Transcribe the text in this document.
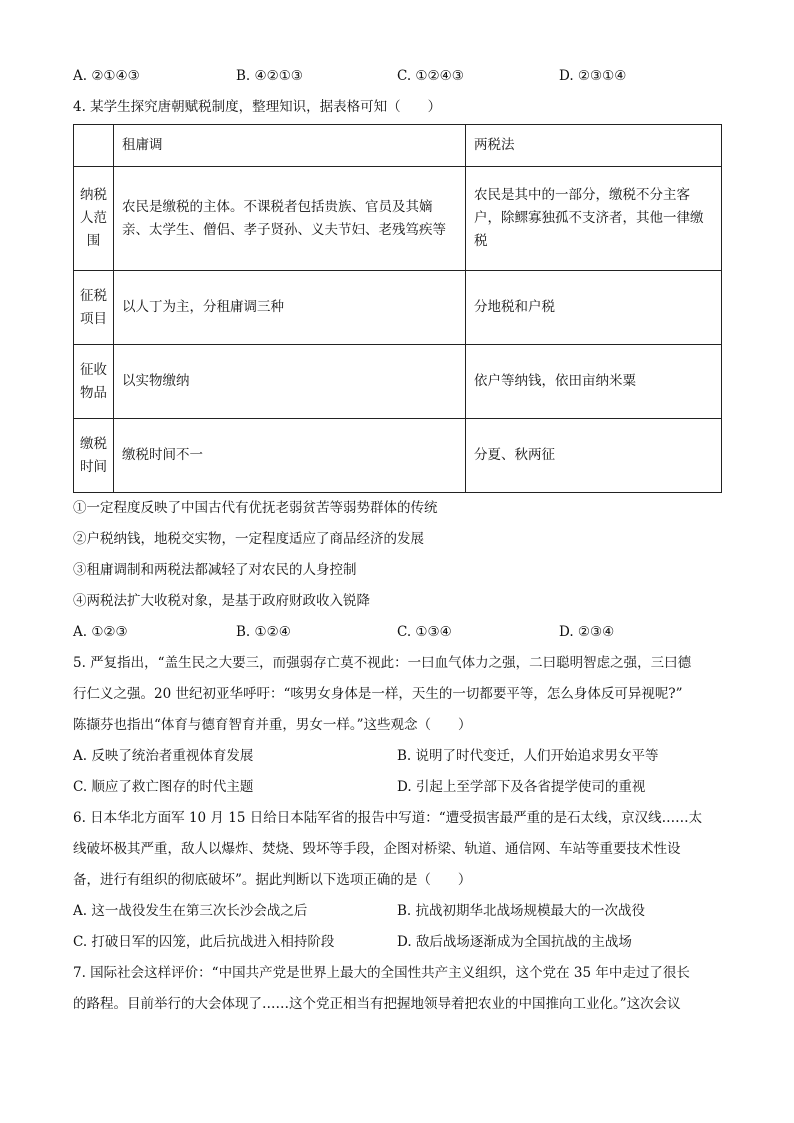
A. ②①④③	B. ④②①③	C. ①②④③	D. ②③①④
4. 某学生探究唐朝赋税制度，整理知识，据表格可知（　　）
	租庸调	两税法
纳税人范围	农民是缴税的主体。不课税者包括贵族、官员及其嫡亲、太学生、僧侣、孝子贤孙、义夫节妇、老残笃疾等	农民是其中的一部分，缴税不分主客户，除鳏寡独孤不支济者，其他一律缴税
征税项目	以人丁为主，分租庸调三种	分地税和户税
征收物品	以实物缴纳	依户等纳钱，依田亩纳米粟
缴税时间	缴税时间不一	分夏、秋两征
①一定程度反映了中国古代有优抚老弱贫苦等弱势群体的传统
②户税纳钱，地税交实物，一定程度适应了商品经济的发展
③租庸调制和两税法都减轻了对农民的人身控制
④两税法扩大收税对象，是基于政府财政收入锐降
A. ①②③	B. ①②④	C. ①③④	D. ②③④
5. 严复指出，“盖生民之大要三，而强弱存亡莫不视此：一曰血气体力之强，二曰聪明智虑之强，三曰德
行仁义之强。20 世纪初亚华呼吁：“咳男女身体是一样，天生的一切都要平等，怎么身体反可异视呢?”
陈撷芬也指出“体育与德育智育并重，男女一样。”这些观念（　　）
A. 反映了统治者重视体育发展	B. 说明了时代变迁，人们开始追求男女平等
C. 顺应了救亡图存的时代主题	D. 引起上至学部下及各省提学使司的重视
6. 日本华北方面军 10 月 15 日给日本陆军省的报告中写道：“遭受损害最严重的是石太线，京汉线……太
线破坏极其严重，敌人以爆炸、焚烧、毁坏等手段，企图对桥梁、轨道、通信网、车站等重要技术性设
备，进行有组织的彻底破坏”。据此判断以下选项正确的是（　　）
A. 这一战役发生在第三次长沙会战之后	B. 抗战初期华北战场规模最大的一次战役
C. 打破日军的囚笼，此后抗战进入相持阶段	D. 敌后战场逐渐成为全国抗战的主战场
7. 国际社会这样评价：“中国共产党是世界上最大的全国性共产主义组织，这个党在 35 年中走过了很长
的路程。目前举行的大会体现了……这个党正相当有把握地领导着把农业的中国推向工业化。”这次会议
